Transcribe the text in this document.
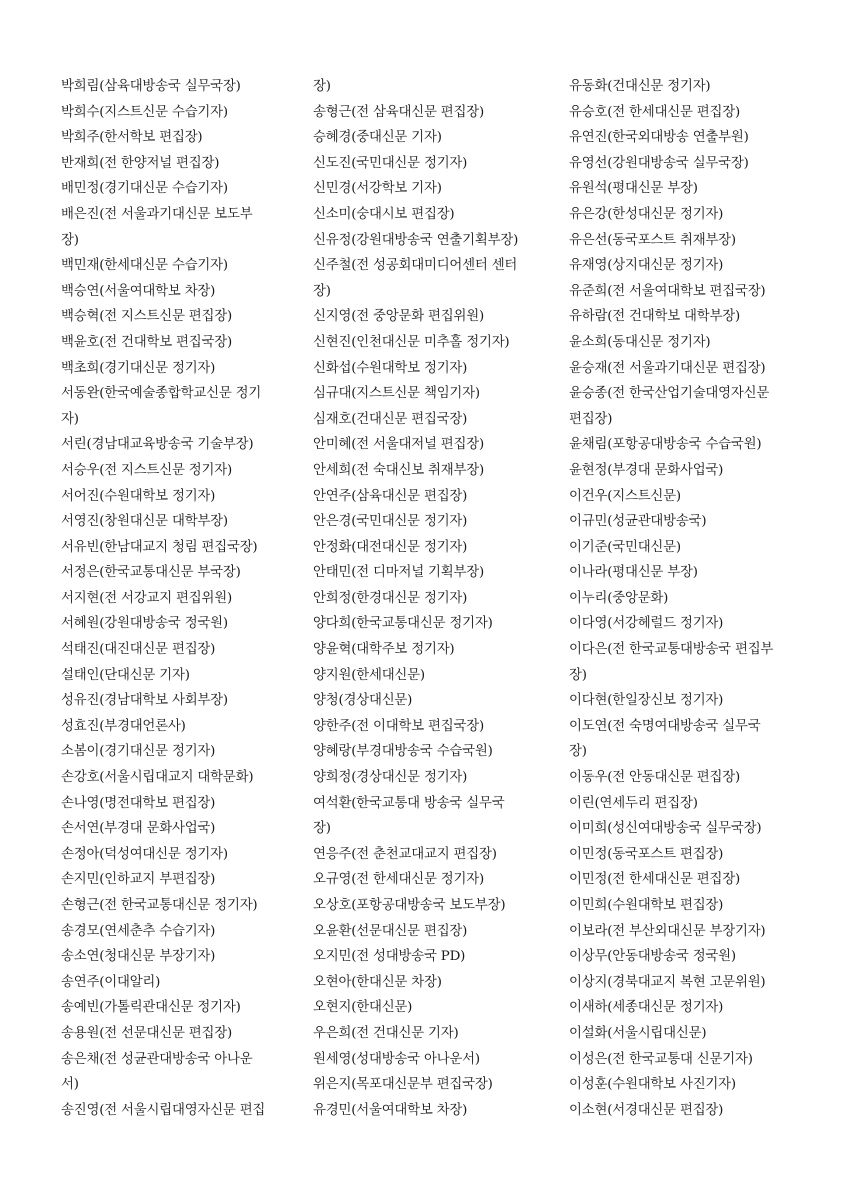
박희림(삼육대방송국 실무국장)
박희수(지스트신문 수습기자)
박희주(한서학보 편집장)
반재희(전 한양저널 편집장)
배민정(경기대신문 수습기자)
배은진(전 서울과기대신문 보도부
장)
백민재(한세대신문 수습기자)
백승연(서울여대학보 차장)
백승혁(전 지스트신문 편집장)
백윤호(전 건대학보 편집국장)
백초희(경기대신문 정기자)
서동완(한국예술종합학교신문 정기
자)
서린(경남대교육방송국 기술부장)
서승우(전 지스트신문 정기자)
서어진(수원대학보 정기자)
서영진(창원대신문 대학부장)
서유빈(한남대교지 청림 편집국장)
서정은(한국교통대신문 부국장)
서지현(전 서강교지 편집위원)
서혜원(강원대방송국 정국원)
석태진(대진대신문 편집장)
설태인(단대신문 기자)
성유진(경남대학보 사회부장)
성효진(부경대언론사)
소봄이(경기대신문 정기자)
손강호(서울시립대교지 대학문화)
손나영(명전대학보 편집장)
손서연(부경대 문화사업국)
손정아(덕성여대신문 정기자)
손지민(인하교지 부편집장)
손형근(전 한국교통대신문 정기자)
송경모(연세춘추 수습기자)
송소연(청대신문 부장기자)
송연주(이대알리)
송예빈(가톨릭관대신문 정기자)
송용원(전 선문대신문 편집장)
송은채(전 성균관대방송국 아나운
서)
송진영(전 서울시립대영자신문 편집
장)
송형근(전 삼육대신문 편집장)
승혜경(중대신문 기자)
신도진(국민대신문 정기자)
신민경(서강학보 기자)
신소미(숭대시보 편집장)
신유정(강원대방송국 연출기획부장)
신주철(전 성공회대미디어센터 센터
장)
신지영(전 중앙문화 편집위원)
신현진(인천대신문 미추홀 정기자)
신화섭(수원대학보 정기자)
심규대(지스트신문 책임기자)
심재호(건대신문 편집국장)
안미혜(전 서울대저널 편집장)
안세희(전 숙대신보 취재부장)
안연주(삼육대신문 편집장)
안은경(국민대신문 정기자)
안정화(대전대신문 정기자)
안태민(전 디마저널 기획부장)
안희정(한경대신문 정기자)
양다희(한국교통대신문 정기자)
양윤혁(대학주보 정기자)
양지원(한세대신문)
양청(경상대신문)
양한주(전 이대학보 편집국장)
양혜랑(부경대방송국 수습국원)
양희정(경상대신문 정기자)
여석환(한국교통대 방송국 실무국
장)
연응주(전 춘천교대교지 편집장)
오규영(전 한세대신문 정기자)
오상호(포항공대방송국 보도부장)
오윤환(선문대신문 편집장)
오지민(전 성대방송국 PD)
오현아(한대신문 차장)
오현지(한대신문)
우은희(전 건대신문 기자)
원세영(성대방송국 아나운서)
위은지(목포대신문부 편집국장)
유경민(서울여대학보 차장)
유동화(건대신문 정기자)
유승호(전 한세대신문 편집장)
유연진(한국외대방송 연출부원)
유영선(강원대방송국 실무국장)
유원석(평대신문 부장)
유은강(한성대신문 정기자)
유은선(동국포스트 취재부장)
유재영(상지대신문 정기자)
유준희(전 서울여대학보 편집국장)
유하람(전 건대학보 대학부장)
윤소희(동대신문 정기자)
윤승재(전 서울과기대신문 편집장)
윤승종(전 한국산업기술대영자신문
편집장)
윤채림(포항공대방송국 수습국원)
윤현정(부경대 문화사업국)
이건우(지스트신문)
이규민(성균관대방송국)
이기준(국민대신문)
이나라(평대신문 부장)
이누리(중앙문화)
이다영(서강헤럴드 정기자)
이다은(전 한국교통대방송국 편집부
장)
이다현(한일장신보 정기자)
이도연(전 숙명여대방송국 실무국
장)
이동우(전 안동대신문 편집장)
이린(연세두리 편집장)
이미희(성신여대방송국 실무국장)
이민정(동국포스트 편집장)
이민정(전 한세대신문 편집장)
이민희(수원대학보 편집장)
이보라(전 부산외대신문 부장기자)
이상무(안동대방송국 정국원)
이상지(경북대교지 복현 고문위원)
이새하(세종대신문 정기자)
이설화(서울시립대신문)
이성은(전 한국교통대 신문기자)
이성훈(수원대학보 사진기자)
이소현(서경대신문 편집장)
